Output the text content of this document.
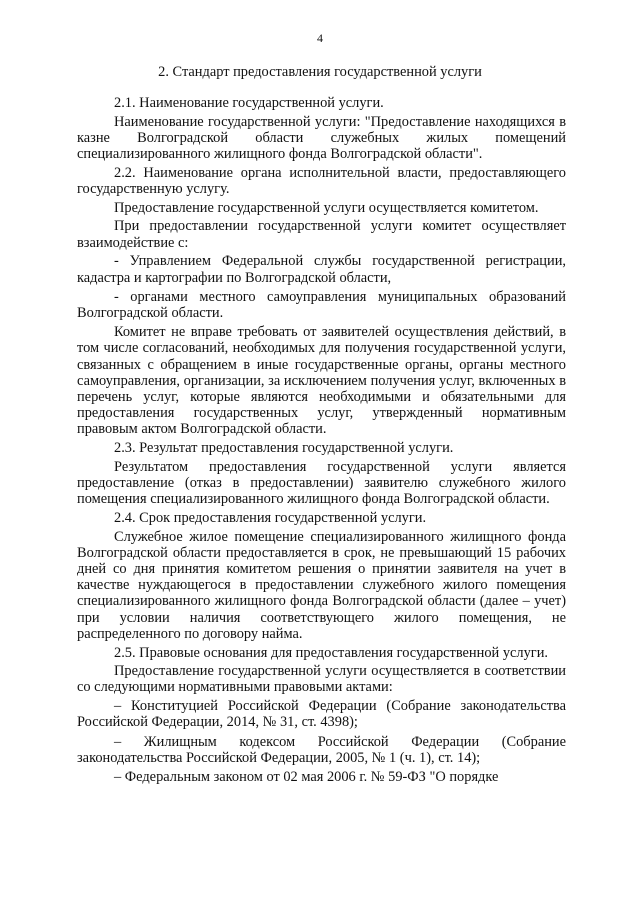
4
2. Стандарт предоставления государственной услуги

2.1. Наименование государственной услуги.

Наименование государственной услуги: "Предоставление находящихся в казне Волгоградской области служебных жилых помещений специализированного жилищного фонда Волгоградской области".

2.2. Наименование органа исполнительной власти, предоставляющего государственную услугу.

Предоставление государственной услуги осуществляется комитетом.

При предоставлении государственной услуги комитет осуществляет взаимодействие с:

- Управлением Федеральной службы государственной регистрации, кадастра и картографии по Волгоградской области,

- органами местного самоуправления муниципальных образований Волгоградской области.

Комитет не вправе требовать от заявителей осуществления действий, в том числе согласований, необходимых для получения государственной услуги, связанных с обращением в иные государственные органы, органы местного самоуправления, организации, за исключением получения услуг, включенных в перечень услуг, которые являются необходимыми и обязательными для предоставления государственных услуг, утвержденный нормативным правовым актом Волгоградской области.

2.3. Результат предоставления государственной услуги.

Результатом предоставления государственной услуги является предоставление (отказ в предоставлении) заявителю служебного жилого помещения специализированного жилищного фонда Волгоградской области.

2.4. Срок предоставления государственной услуги.

Служебное жилое помещение специализированного жилищного фонда Волгоградской области предоставляется в срок, не превышающий 15 рабочих дней со дня принятия комитетом решения о принятии заявителя на учет в качестве нуждающегося в предоставлении служебного жилого помещения специализированного жилищного фонда Волгоградской области (далее – учет) при условии наличия соответствующего жилого помещения, не распределенного по договору найма.

2.5. Правовые основания для предоставления государственной услуги.

Предоставление государственной услуги осуществляется в соответствии со следующими нормативными правовыми актами:

– Конституцией Российской Федерации (Собрание законодательства Российской Федерации, 2014, № 31, ст. 4398);

– Жилищным кодексом Российской Федерации (Собрание законодательства Российской Федерации, 2005, № 1 (ч. 1), ст. 14);

– Федеральным законом от 02 мая 2006 г. № 59-ФЗ "О порядке
